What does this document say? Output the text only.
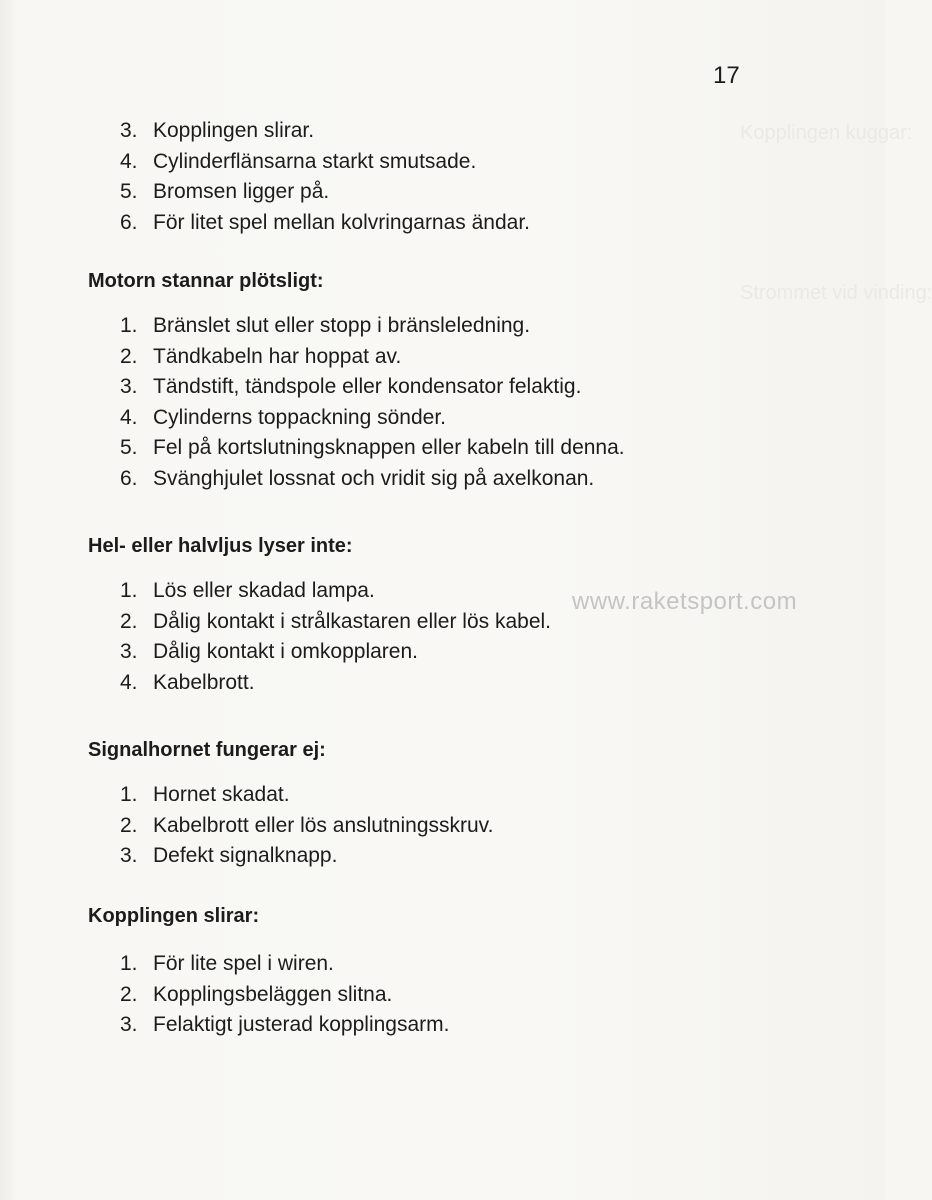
Kopplingen kuggar:
Strommet vid vinding:
17
3. Kopplingen slirar.
4. Cylinderflänsarna starkt smutsade.
5. Bromsen ligger på.
6. För litet spel mellan kolvringarnas ändar.
Motorn stannar plötsligt:
1. Bränslet slut eller stopp i bränsleledning.
2. Tändkabeln har hoppat av.
3. Tändstift, tändspole eller kondensator felaktig.
4. Cylinderns toppackning sönder.
5. Fel på kortslutningsknappen eller kabeln till denna.
6. Svänghjulet lossnat och vridit sig på axelkonan.
Hel- eller halvljus lyser inte:
1. Lös eller skadad lampa.
2. Dålig kontakt i strålkastaren eller lös kabel.
3. Dålig kontakt i omkopplaren.
4. Kabelbrott.
Signalhornet fungerar ej:
1. Hornet skadat.
2. Kabelbrott eller lös anslutningsskruv.
3. Defekt signalknapp.
Kopplingen slirar:
1. För lite spel i wiren.
2. Kopplingsbeläggen slitna.
3. Felaktigt justerad kopplingsarm.
www.raketsport.com
